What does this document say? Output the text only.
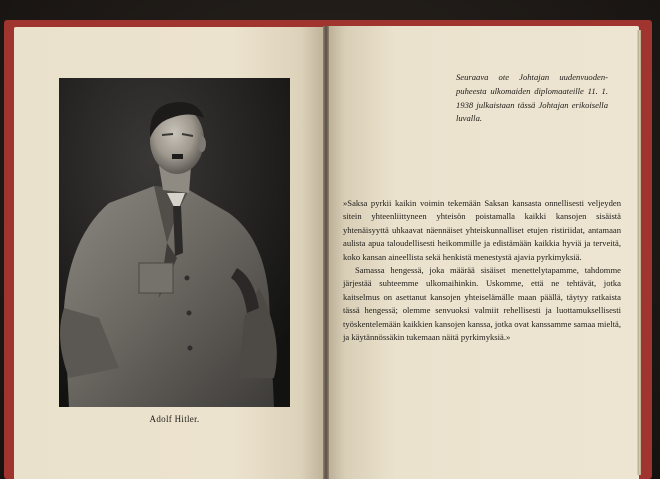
Adolf Hitler.
Seuraava ote Johtajan uudenvuoden-puheesta ulkomaiden diplomaateille 11. 1. 1938 julkaistaan tässä Johtajan erikoisella luvalla.

»Saksa pyrkii kaikin voimin tekemään Saksan kansasta onnellisesti veljeyden sitein yhteenliittyneen yhteisön poistamalla kaikki kansojen sisäistä yhtenäisyyttä uhkaavat näennäiset yhteiskunnalliset etujen ristiriidat, antamaan aulista apua taloudellisesti heikommille ja edistämään kaikkia hyviä ja terveitä, koko kansan aineellista sekä henkistä menestystä ajavia pyrkimyksiä.

Samassa hengessä, joka määrää sisäiset menettelytapamme, tahdomme järjestää suhteemme ulkomaihinkin. Uskomme, että ne tehtävät, jotka kaitselmus on asettanut kansojen yhteiselämälle maan päällä, täytyy ratkaista tässä hengessä; olemme senvuoksi valmiit rehellisesti ja luottamuksellisesti työskentelemään kaikkien kansojen kanssa, jotka ovat kanssamme samaa mieltä, ja käytännössäkin tukemaan näitä pyrkimyksiä.»
